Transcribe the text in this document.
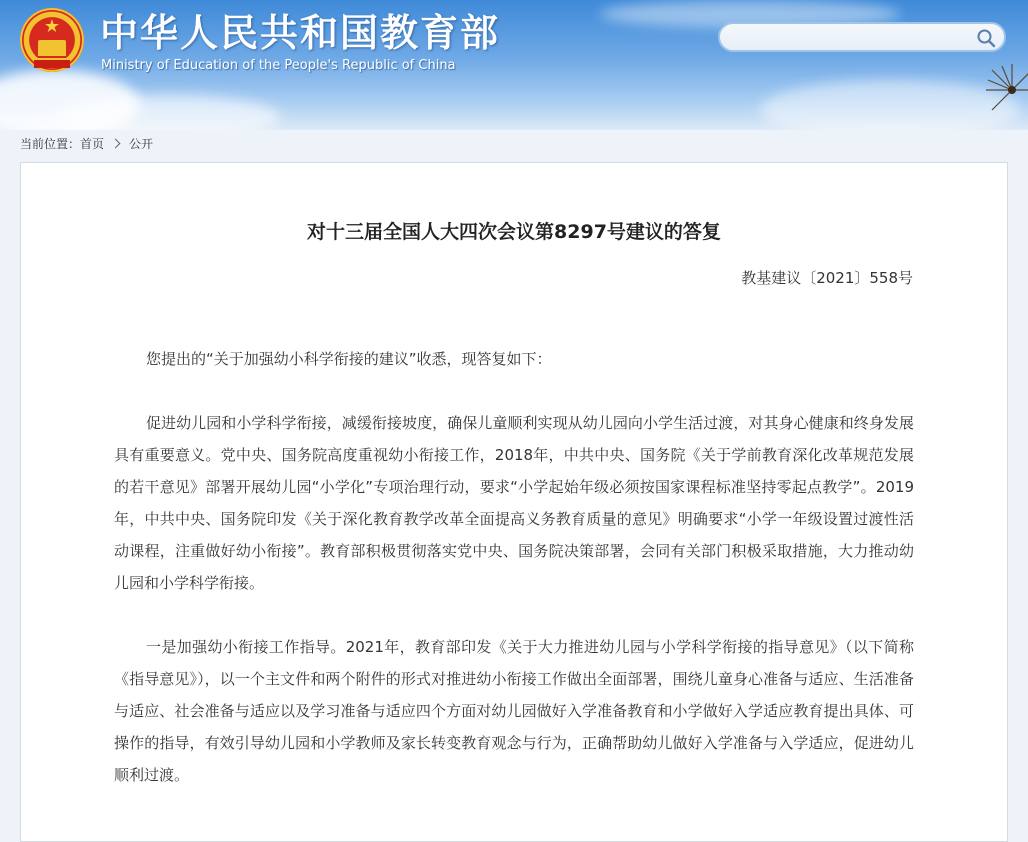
★	中华人民共和国教育部

Ministry of Education of the People's Republic of China

当前位置：首页 公开
对十三届全国人大四次会议第8297号建议的答复
教基建议〔2021〕558号

您提出的“关于加强幼小科学衔接的建议”收悉，现答复如下：

促进幼儿园和小学科学衔接，减缓衔接坡度，确保儿童顺利实现从幼儿园向小学生活过渡，对其身心健康和终身发展具有重要意义。党中央、国务院高度重视幼小衔接工作，2018年，中共中央、国务院《关于学前教育深化改革规范发展的若干意见》部署开展幼儿园“小学化”专项治理行动，要求“小学起始年级必须按国家课程标准坚持零起点教学”。2019年，中共中央、国务院印发《关于深化教育教学改革全面提高义务教育质量的意见》明确要求“小学一年级设置过渡性活动课程，注重做好幼小衔接”。教育部积极贯彻落实党中央、国务院决策部署，会同有关部门积极采取措施，大力推动幼儿园和小学科学衔接。

一是加强幼小衔接工作指导。2021年，教育部印发《关于大力推进幼儿园与小学科学衔接的指导意见》（以下简称《指导意见》），以一个主文件和两个附件的形式对推进幼小衔接工作做出全面部署，围绕儿童身心准备与适应、生活准备与适应、社会准备与适应以及学习准备与适应四个方面对幼儿园做好入学准备教育和小学做好入学适应教育提出具体、可操作的指导，有效引导幼儿园和小学教师及家长转变教育观念与行为，正确帮助幼儿做好入学准备与入学适应，促进幼儿顺利过渡。
